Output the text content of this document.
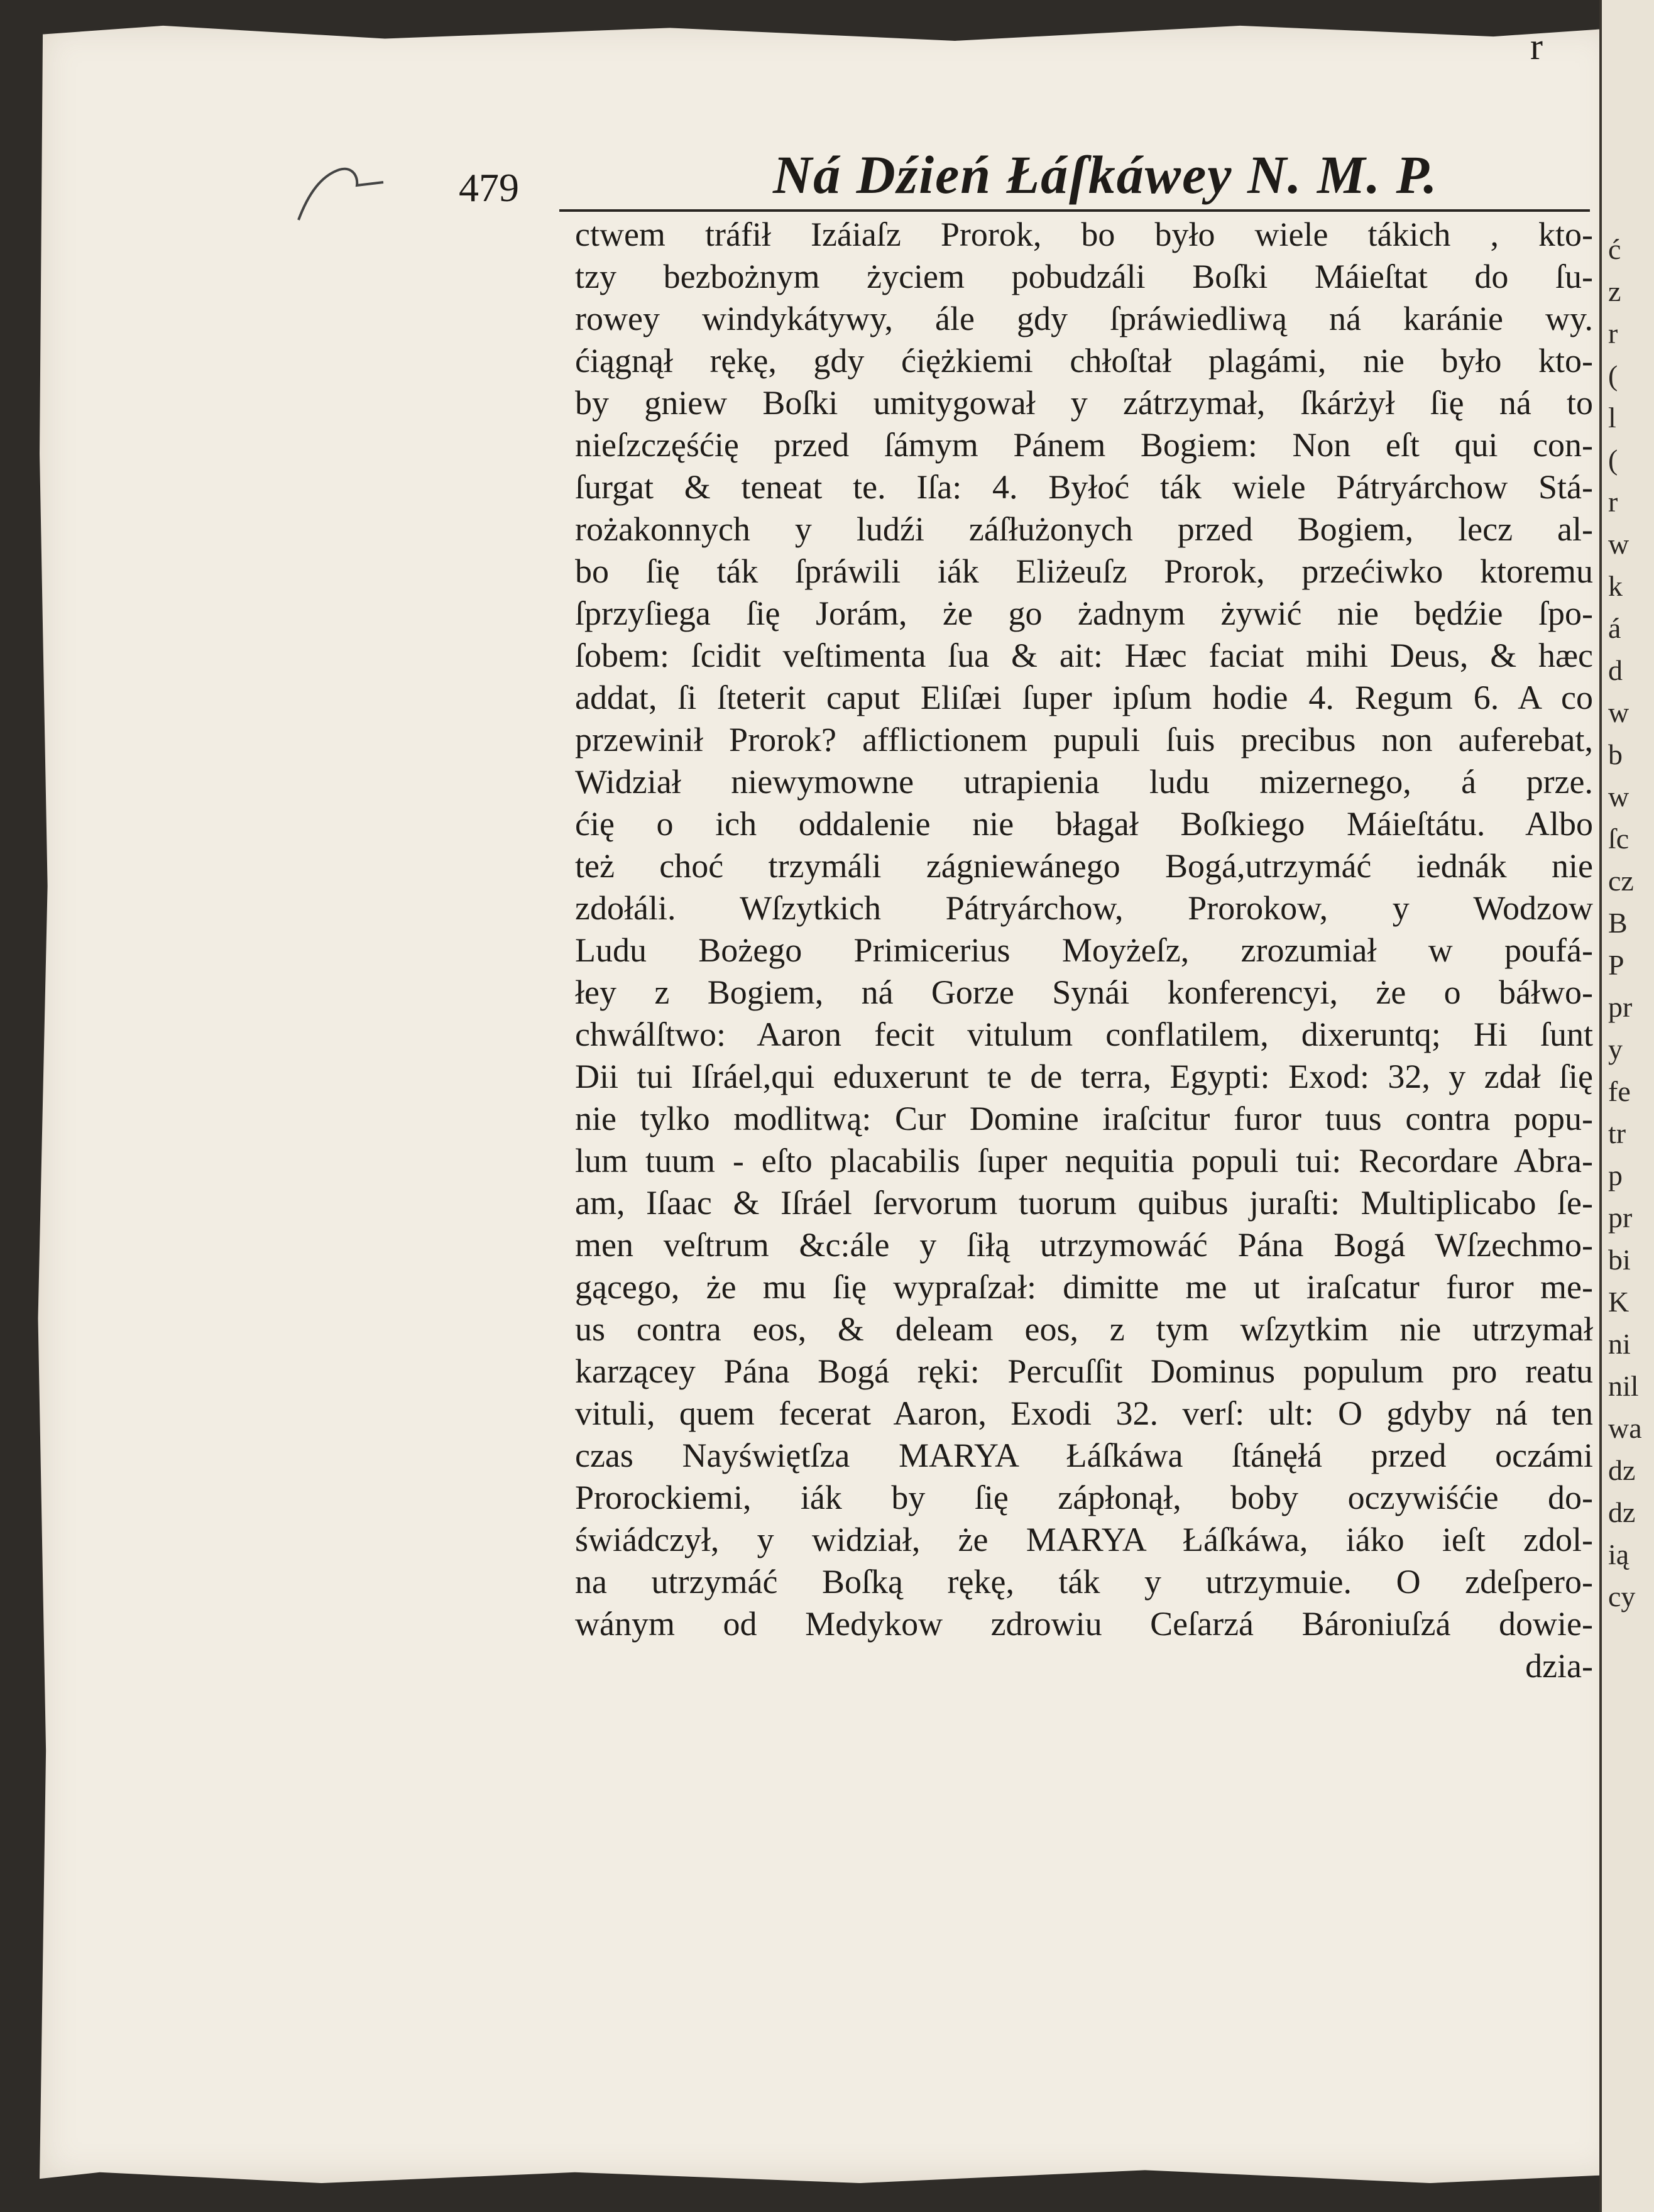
ć
z
r
(
l
(
r
w
k
á
d
w
b
w
ſc
cz
B
P
pr
y
fe
tr
p
pr
bi
K
ni
nil
wa
dz
dz
ią
cy
r
479	Ná Dźień Łáſkáwey N. M. P.
ctwem tráfił Izáiaſz Prorok, bo było wiele tákich , kto-
tzy bezbożnym życiem pobudzáli Boſki Máieſtat do ſu-
rowey windykátywy, ále gdy ſpráwiedliwą ná karánie wy.
ćiągnął rękę, gdy ćiężkiemi chłoſtał plagámi, nie było kto-
by gniew Boſki umitygował y zátrzymał, ſkárżył ſię ná to
nieſzczęśćię przed ſámym Pánem Bogiem: Non eſt qui con-
ſurgat & teneat te. Iſa: 4. Byłoć ták wiele Pátryárchow Stá-
rożakonnych y ludźi záſłużonych przed Bogiem, lecz al-
bo ſię ták ſpráwili iák Eliżeuſz Prorok, przećiwko ktoremu
ſprzyſiega ſię Jorám, że go żadnym żywić nie będźie ſpo-
ſobem: ſcidit veſtimenta ſua & ait: Hæc faciat mihi Deus, & hæc
addat, ſi ſteterit caput Eliſæi ſuper ipſum hodie 4. Regum 6. A co
przewinił Prorok? afflictionem pupuli ſuis precibus non auferebat,
Widział niewymowne utrapienia ludu mizernego, á prze.
ćię o ich oddalenie nie błagał Boſkiego Máieſtátu. Albo
też choć trzymáli zágniewánego Bogá,utrzymáć iednák nie
zdołáli. Wſzytkich Pátryárchow, Prorokow, y Wodzow
Ludu Bożego Primicerius Moyżeſz, zrozumiał w poufá-
łey z Bogiem, ná Gorze Synái konferencyi, że o báłwo-
chwálſtwo: Aaron fecit vitulum conflatilem, dixeruntq; Hi ſunt
Dii tui Iſráel,qui eduxerunt te de terra, Egypti: Exod: 32, y zdał ſię
nie tylko modlitwą: Cur Domine iraſcitur furor tuus contra popu-
lum tuum - eſto placabilis ſuper nequitia populi tui: Recordare Abra-
am, Iſaac & Iſráel ſervorum tuorum quibus juraſti: Multiplicabo ſe-
men veſtrum &c:ále y ſiłą utrzymowáć Pána Bogá Wſzechmo-
gącego, że mu ſię wypraſzał: dimitte me ut iraſcatur furor me-
us contra eos, & deleam eos, z tym wſzytkim nie utrzymał
karzącey Pána Bogá ręki: Percuſſit Dominus populum pro reatu
vituli, quem fecerat Aaron, Exodi 32. verſ: ult: O gdyby ná ten
czas Nayświętſza MARYA Łáſkáwa ſtánęłá przed oczámi
Prorockiemi, iák by ſię zápłonął, boby oczywiśćie do-
świádczył, y widział, że MARYA Łáſkáwa, iáko ieſt zdol-
na utrzymáć Boſką rękę, ták y utrzymuie. O zdeſpero-
wánym od Medykow zdrowiu Ceſarzá Bároniuſzá dowie-
dzia-
